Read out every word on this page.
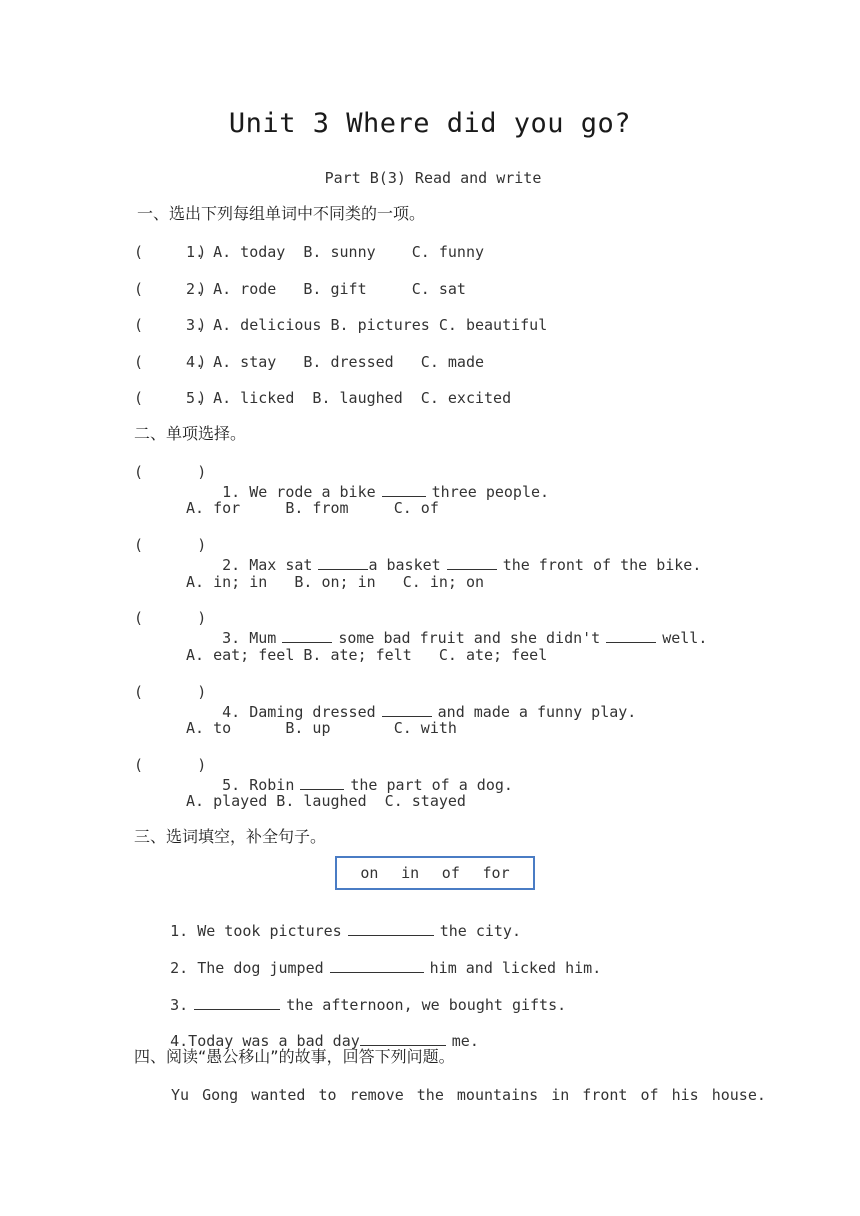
Unit 3 Where did you go?
Part B(3) Read and write
一、选出下列每组单词中不同类的一项。
(      )
1. A. today  B. sunny    C. funny
(      )
2. A. rode   B. gift     C. sat
(      )
3. A. delicious B. pictures C. beautiful
(      )
4. A. stay   B. dressed   C. made
(      )
5. A. licked  B. laughed  C. excited
二、单项选择。
(      )

1. We rode a bike	three people.

A. for     B. from     C. of
(      )

2. Max sat	a basket	the front of the bike.

A. in; in   B. on; in   C. in; on
(      )

3. Mum	some bad fruit and she didn't	well.

A. eat; feel B. ate; felt   C. ate; feel
(      )

4. Daming dressed	and made a funny play.

A. to      B. up       C. with
(      )

5. Robin	the part of a dog.

A. played B. laughed  C. stayed
三、选词填空，补全句子。
on in of for

1. We took pictures	the city.

2. The dog jumped	him and licked him.

3.	the afternoon, we bought gifts.

4.Today was a bad day	me.

四、阅读“愚公移山”的故事，回答下列问题。
Yu Gong wanted to remove the mountains in front of his house.
